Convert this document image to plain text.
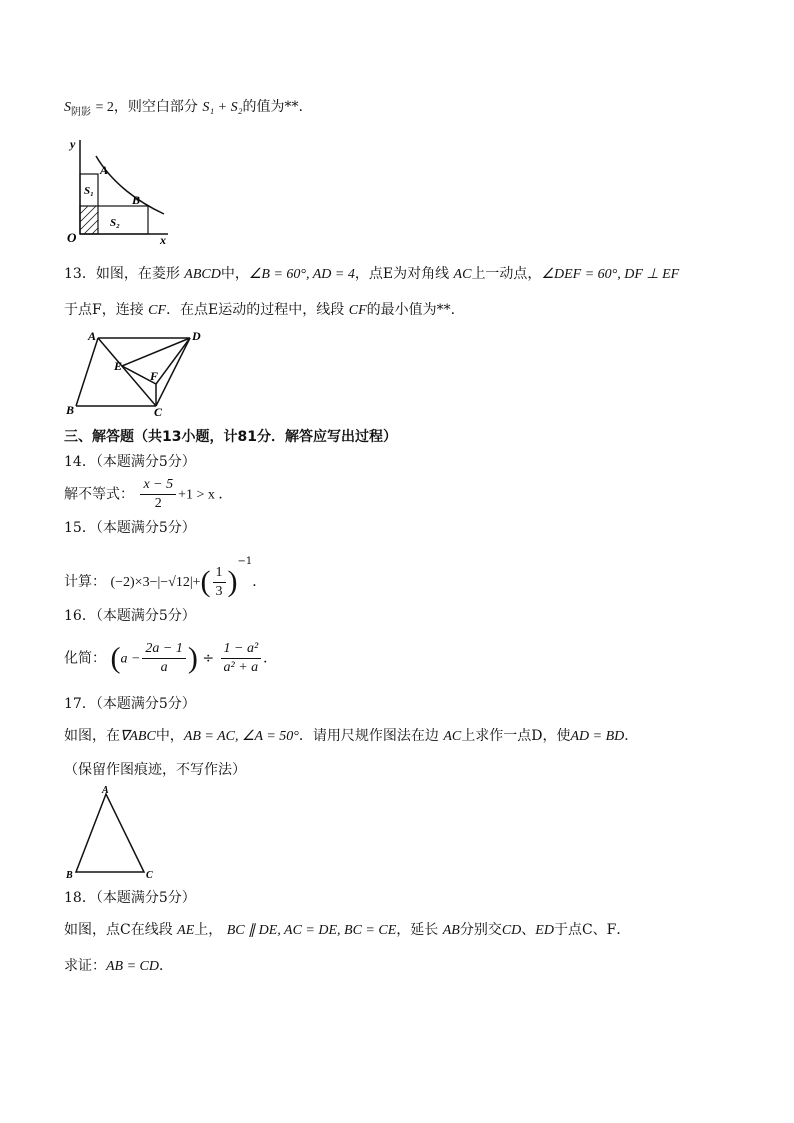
$S_{阴影} = 2$，则空白部分 S₁ + S₂的值为**.
y
x
O
A
B
S₁
S₂
13．如图，在菱形 ABCD中，∠B = 60°, AD = 4，点E为对角线 AC上一动点，∠DEF = 60°, DF ⊥ EF
于点F，连接 CF．在点E运动的过程中，线段 CF的最小值为**.
A	D
E
F
B	C
三、解答题（共13小题，计81分．解答应写出过程）
14．（本题满分5分）
解不等式： $\frac{x - 5}{2} +1 > x$ ．
15．（本题满分5分）
计算： $(-2)\times 3-|-√12|+( \frac{1}{3} )^{-1}$．
16．（本题满分5分）
化简： ($a - \frac{2a - 1}{a}$ ) ÷ $\frac{\text{1 − a²}}{\text{a² + a}}$ ．
17．（本题满分5分）
如图，在∇ABC中，AB = AC, ∠A = 50°．请用尺规作图法在边 AC上求作一点D，使AD = BD．
（保留作图痕迹，不写作法）
A
B	C
18．（本题满分5分）
如图，点C在线段 AE上， BC ∥ DE, AC = DE, BC = CE，延长 AB分别交CD、ED于点C、F．
求证：AB = CD．
